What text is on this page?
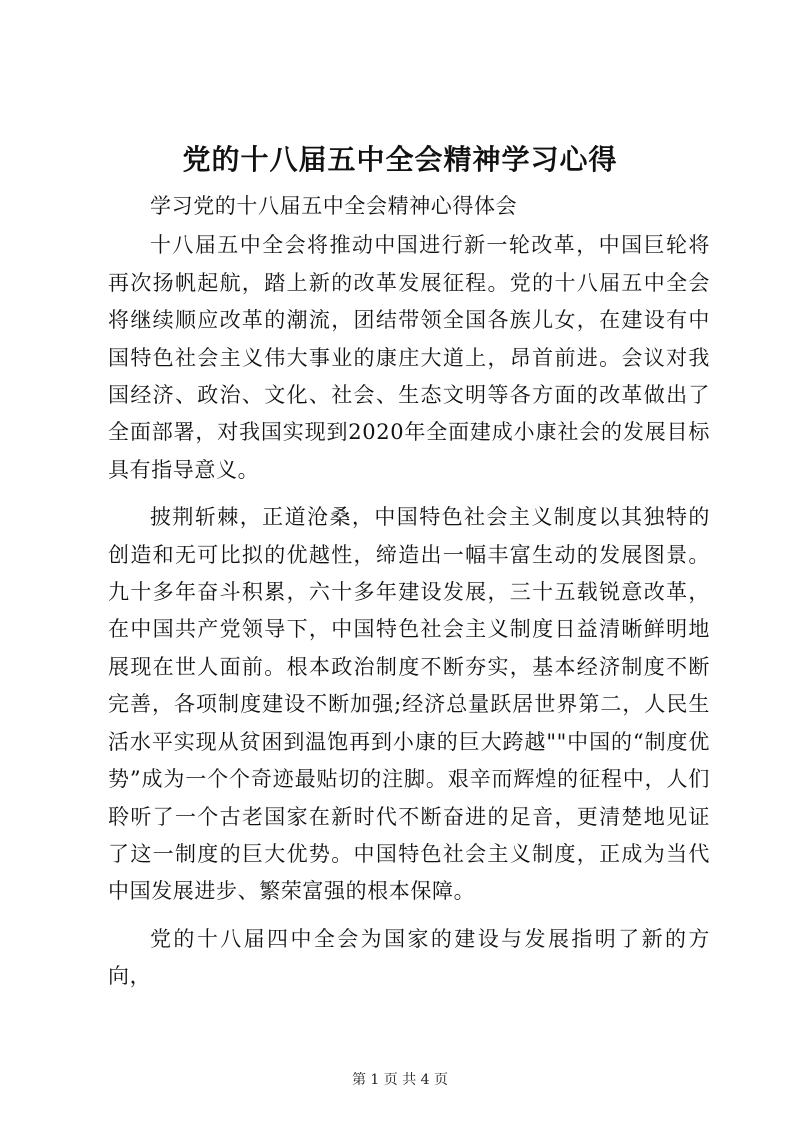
党的十八届五中全会精神学习心得

学习党的十八届五中全会精神心得体会

十八届五中全会将推动中国进行新一轮改革，中国巨轮将再次扬帆起航，踏上新的改革发展征程。党的十八届五中全会将继续顺应改革的潮流，团结带领全国各族儿女，在建设有中国特色社会主义伟大事业的康庄大道上，昂首前进。会议对我国经济、政治、文化、社会、生态文明等各方面的改革做出了全面部署，对我国实现到2020年全面建成小康社会的发展目标具有指导意义。

披荆斩棘，正道沧桑，中国特色社会主义制度以其独特的创造和无可比拟的优越性，缔造出一幅丰富生动的发展图景。九十多年奋斗积累，六十多年建设发展，三十五载锐意改革，在中国共产党领导下，中国特色社会主义制度日益清晰鲜明地展现在世人面前。根本政治制度不断夯实，基本经济制度不断完善，各项制度建设不断加强;经济总量跃居世界第二，人民生活水平实现从贫困到温饱再到小康的巨大跨越""中国的“制度优势”成为一个个奇迹最贴切的注脚。艰辛而辉煌的征程中，人们聆听了一个古老国家在新时代不断奋进的足音，更清楚地见证了这一制度的巨大优势。中国特色社会主义制度，正成为当代中国发展进步、繁荣富强的根本保障。

党的十八届四中全会为国家的建设与发展指明了新的方向，

第 1 页 共 4 页
